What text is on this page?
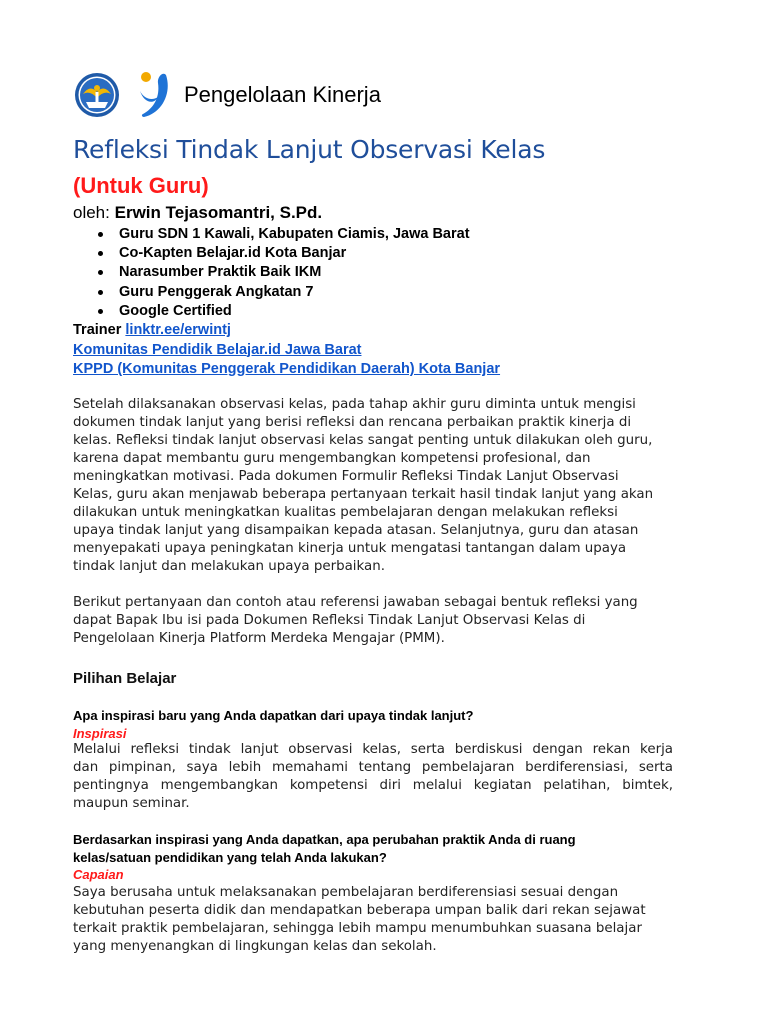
Pengelolaan Kinerja
Refleksi Tindak Lanjut Observasi Kelas
(Untuk Guru)
oleh: Erwin Tejasomantri, S.Pd.
Guru SDN 1 Kawali, Kabupaten Ciamis, Jawa Barat
Co-Kapten Belajar.id Kota Banjar
Narasumber Praktik Baik IKM
Guru Penggerak Angkatan 7
Google Certified
Trainer linktr.ee/erwintj
Komunitas Pendidik Belajar.id Jawa Barat
KPPD (Komunitas Penggerak Pendidikan Daerah) Kota Banjar

Setelah dilaksanakan observasi kelas, pada tahap akhir guru diminta untuk mengisi
dokumen tindak lanjut yang berisi refleksi dan rencana perbaikan praktik kinerja di
kelas. Refleksi tindak lanjut observasi kelas sangat penting untuk dilakukan oleh guru,
karena dapat membantu guru mengembangkan kompetensi profesional, dan
meningkatkan motivasi. Pada dokumen Formulir Refleksi Tindak Lanjut Observasi
Kelas, guru akan menjawab beberapa pertanyaan terkait hasil tindak lanjut yang akan
dilakukan untuk meningkatkan kualitas pembelajaran dengan melakukan refleksi
upaya tindak lanjut yang disampaikan kepada atasan. Selanjutnya, guru dan atasan
menyepakati upaya peningkatan kinerja untuk mengatasi tantangan dalam upaya
tindak lanjut dan melakukan upaya perbaikan.

Berikut pertanyaan dan contoh atau referensi jawaban sebagai bentuk refleksi yang
dapat Bapak Ibu isi pada Dokumen Refleksi Tindak Lanjut Observasi Kelas di
Pengelolaan Kinerja Platform Merdeka Mengajar (PMM).

Pilihan Belajar

Apa inspirasi baru yang Anda dapatkan dari upaya tindak lanjut?

Inspirasi

Melalui refleksi tindak lanjut observasi kelas, serta berdiskusi dengan rekan kerja
dan pimpinan, saya lebih memahami tentang pembelajaran berdiferensiasi, serta
pentingnya mengembangkan kompetensi diri melalui kegiatan pelatihan, bimtek,
maupun seminar.

Berdasarkan inspirasi yang Anda dapatkan, apa perubahan praktik Anda di ruang
kelas/satuan pendidikan yang telah Anda lakukan?

Capaian

Saya berusaha untuk melaksanakan pembelajaran berdiferensiasi sesuai dengan
kebutuhan peserta didik dan mendapatkan beberapa umpan balik dari rekan sejawat
terkait praktik pembelajaran, sehingga lebih mampu menumbuhkan suasana belajar
yang menyenangkan di lingkungan kelas dan sekolah.
